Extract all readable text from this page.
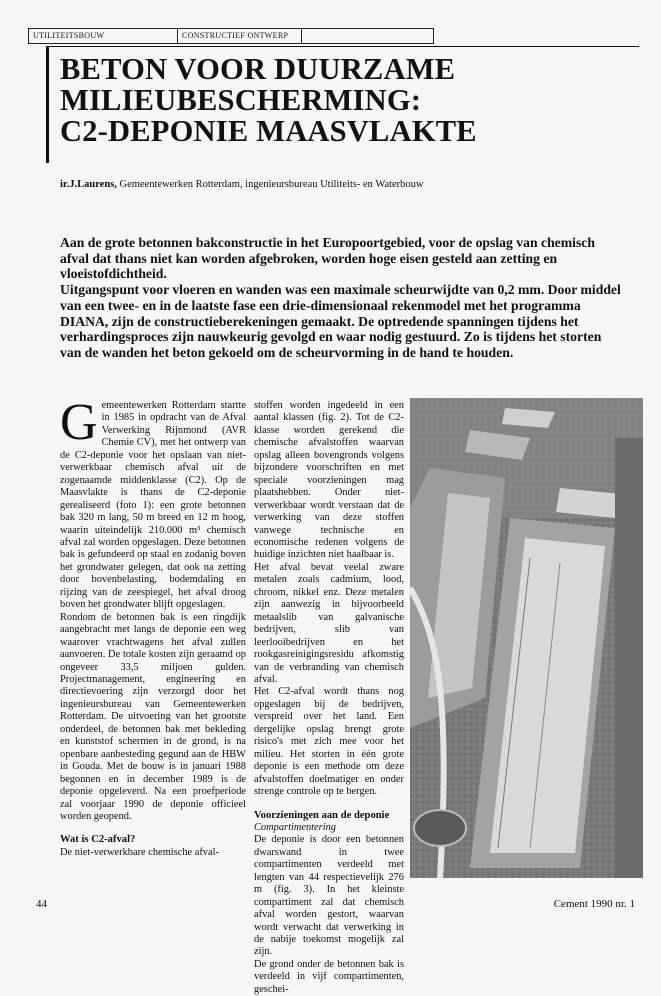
UTILITEITSBOUW	CONSTRUCTIEF ONTWERP
BETON VOOR DUURZAME
MILIEUBESCHERMING:
C2-DEPONIE MAASVLAKTE
ir.J.Laurens, Gemeentewerken Rotterdam, ingenieursbureau Utiliteits- en Waterbouw

Aan de grote betonnen bakconstructie in het Europoortgebied, voor de opslag van chemisch afval dat thans niet kan worden afgebroken, worden hoge eisen gesteld aan zetting en vloeistofdichtheid.

Uitgangspunt voor vloeren en wanden was een maximale scheurwijdte van 0,2 mm. Door middel van een twee- en in de laatste fase een drie-dimensionaal rekenmodel met het programma DIANA, zijn de constructieberekeningen gemaakt. De optredende spanningen tijdens het verhardingsproces zijn nauwkeurig gevolgd en waar nodig gestuurd. Zo is tijdens het storten van de wanden het beton gekoeld om de scheurvorming in de hand te houden.

Gemeentewerken Rotterdam startte in 1985 in opdracht van de Afval Verwerking Rijnmond (AVR Chemie CV), met het ontwerp van de C2-deponie voor het opslaan van niet-verwerkbaar chemisch afval uit de zogenaamde middenklasse (C2). Op de Maasvlakte is thans de C2-deponie gerealiseerd (foto 1): een grote betonnen bak 320 m lang, 50 m breed en 12 m hoog, waarin uiteindelijk 210.000 m³ chemisch afval zal worden opgeslagen. Deze betonnen bak is gefundeerd op staal en zodanig boven het grondwater gelegen, dat ook na zetting door bovenbelasting, bodemdaling en rijzing van de zeespiegel, het afval droog boven het grondwater blijft opgeslagen.

Rondom de betonnen bak is een ringdijk aangebracht met langs de deponie een weg waarover vrachtwagens het afval zullen aanvoeren. De totale kosten zijn geraamd op ongeveer 33,5 miljoen gulden. Projectmanagement, engineering en directievoering zijn verzorgd door het ingenieursbureau van Gemeentewerken Rotterdam. De uitvoering van het grootste onderdeel, de betonnen bak met bekleding en kunststof schermen in de grond, is na openbare aanbesteding gegund aan de HBW in Gouda. Met de bouw is in januari 1988 begonnen en in december 1989 is de deponie opgeleverd. Na een proefperiode zal voorjaar 1990 de deponie officieel worden geopend.

Wat is C2-afval?

De niet-verwerkbare chemische afval-

stoffen worden ingedeeld in een aantal klassen (fig. 2). Tot de C2-klasse worden gerekend die chemische afvalstoffen waarvan opslag alleen bovengronds volgens bijzondere voorschriften en met speciale voorzieningen mag plaatshebben. Onder niet-verwerkbaar wordt verstaan dat de verwerking van deze stoffen vanwege technische en economische redenen volgens de huidige inzichten niet haalbaar is.

Het afval bevat veelal zware metalen zoals cadmium, lood, chroom, nikkel enz. Deze metalen zijn aanwezig in bijvoorbeeld metaalslib van galvanische bedrijven, slib van leerlooibedrijven en het rookgasreinigingsresidu afkomstig van de verbranding van chemisch afval.

Het C2-afval wordt thans nog opgeslagen bij de bedrijven, verspreid over het land. Een dergelijke opslag brengt grote risico's met zich mee voor het milieu. Het storten in één grote deponie is een methode om deze afvalstoffen doelmatiger en onder strenge controle op te bergen.

Voorzieningen aan de deponie

Compartimentering

De deponie is door een betonnen dwarswand in twee compartimenten verdeeld met lengten van 44 respectievelijk 276 m (fig. 3). In het kleinste compartiment zal dat chemisch afval worden gestort, waarvan wordt verwacht dat verwerking in de nabije toekomst mogelijk zal zijn.

De grond onder de betonnen bak is verdeeld in vijf compartimenten, geschei-

44	Cement 1990 nr. 1
